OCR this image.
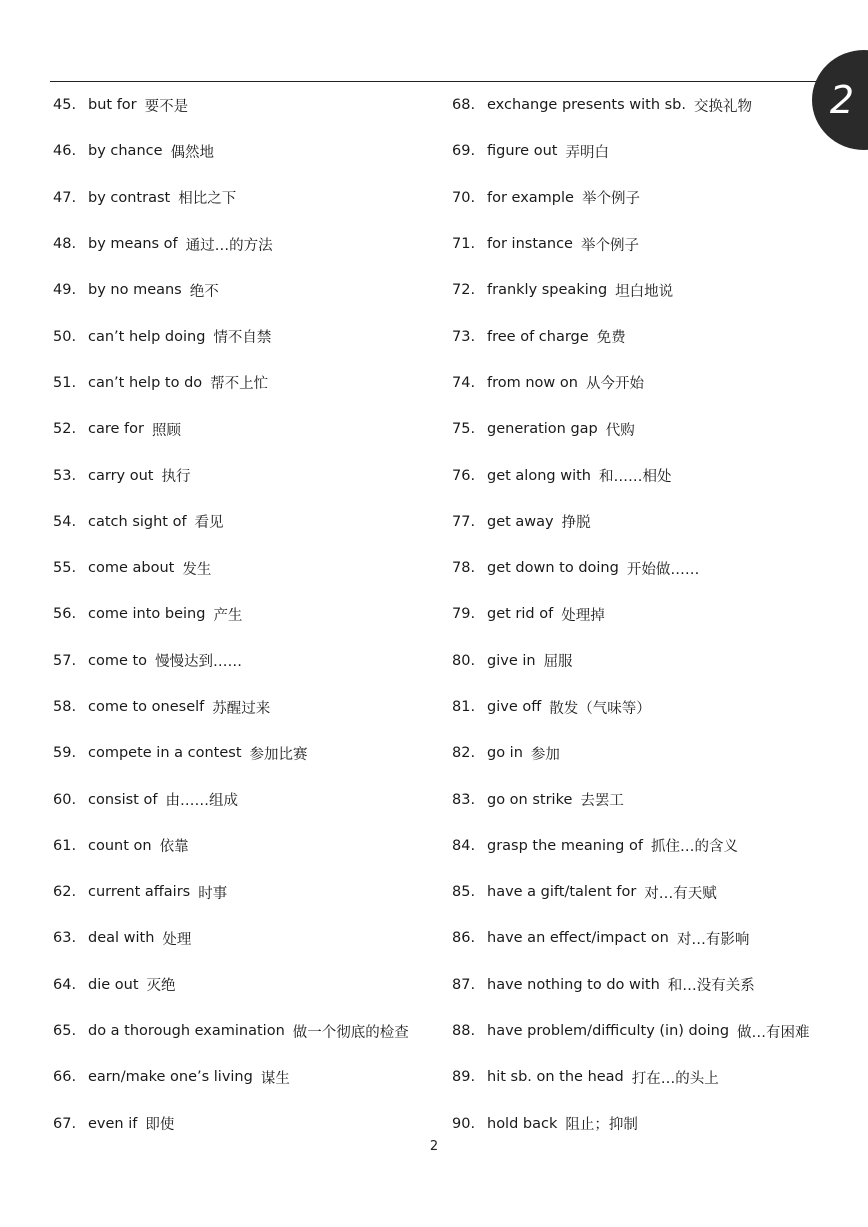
2
45. but for 要不是
46. by chance 偶然地
47. by contrast 相比之下
48. by means of 通过…的方法
49. by no means 绝不
50. can’t help doing 情不自禁
51. can’t help to do 帮不上忙
52. care for 照顾
53. carry out 执行
54. catch sight of 看见
55. come about 发生
56. come into being 产生
57. come to 慢慢达到……
58. come to oneself 苏醒过来
59. compete in a contest 参加比赛
60. consist of 由……组成
61. count on 依靠
62. current affairs 时事
63. deal with 处理
64. die out 灭绝
65. do a thorough examination 做一个彻底的检查
66. earn/make one’s living 谋生
67. even if 即使
68. exchange presents with sb. 交换礼物
69. figure out 弄明白
70. for example 举个例子
71. for instance 举个例子
72. frankly speaking 坦白地说
73. free of charge 免费
74. from now on 从今开始
75. generation gap 代购
76. get along with 和……相处
77. get away 挣脱
78. get down to doing 开始做……
79. get rid of 处理掉
80. give in 屈服
81. give off 散发（气味等）
82. go in 参加
83. go on strike 去罢工
84. grasp the meaning of 抓住…的含义
85. have a gift/talent for 对…有天赋
86. have an effect/impact on 对…有影响
87. have nothing to do with 和…没有关系
88. have problem/difficulty (in) doing 做…有困难
89. hit sb. on the head 打在…的头上
90. hold back 阻止；抑制
2
